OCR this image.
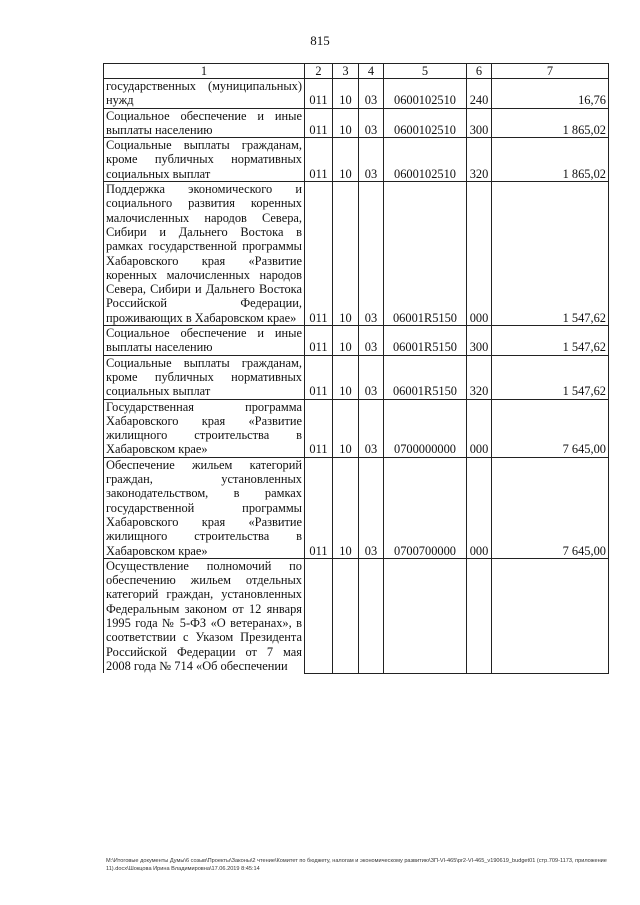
815
1	2	3	4	5	6	7
государственных (муниципальных) нужд	011	10	03	0600102510	240	16,76
Социальное обеспечение и иные выплаты населению	011	10	03	0600102510	300	1 865,02
Социальные выплаты гражданам, кроме публичных нормативных социальных выплат	011	10	03	0600102510	320	1 865,02
Поддержка экономического и социального развития коренных малочисленных народов Севера, Сибири и Дальнего Востока в рамках государственной программы Хабаровского края «Развитие коренных малочисленных народов Севера, Сибири и Дальнего Востока Российской Федерации, проживающих в Хабаровском крае»	011	10	03	06001R5150	000	1 547,62
Социальное обеспечение и иные выплаты населению	011	10	03	06001R5150	300	1 547,62
Социальные выплаты гражданам, кроме публичных нормативных социальных выплат	011	10	03	06001R5150	320	1 547,62
Государственная программа Хабаровского края «Развитие жилищного строительства в Хабаровском крае»	011	10	03	0700000000	000	7 645,00
Обеспечение жильем категорий граждан, установленных законодательством, в рамках государственной программы Хабаровского края «Развитие жилищного строительства в Хабаровском крае»	011	10	03	0700700000	000	7 645,00
Осуществление полномочий по обеспечению жильем отдельных категорий граждан, установленных Федеральным законом от 12 января 1995 года № 5-ФЗ «О ветеранах», в соответствии с Указом Президента Российской Федерации от 7 мая 2008 года № 714 «Об обеспечении						
M:\Итоговые документы Думы\6 созыв\Проекты\Законы\2 чтение\Комитет по бюджету, налогам и экономическому развитию\ЗП-VI-465\pr2-VI-465_v190619_budget01 (стр.709-1173, приложение 11).docx\Шокцова Ирина Владимировна\17.06.2019 8:45:14
